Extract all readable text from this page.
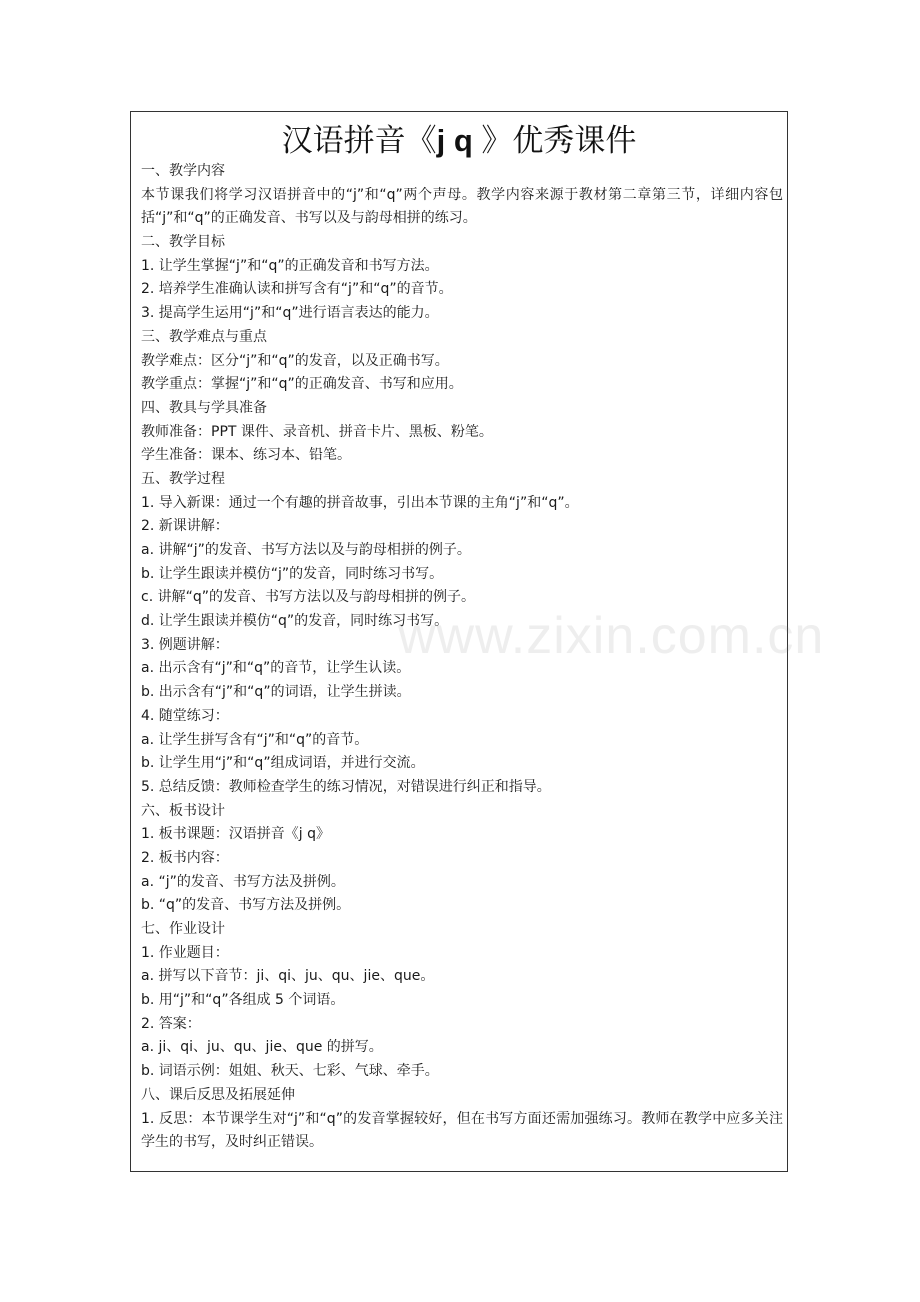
汉语拼音《j q 》优秀课件
一、教学内容
本节课我们将学习汉语拼音中的“j”和“q”两个声母。教学内容来源于教材第二章第三节，详细内容包括“j”和“q”的正确发音、书写以及与韵母相拼的练习。
二、教学目标
1. 让学生掌握“j”和“q”的正确发音和书写方法。
2. 培养学生准确认读和拼写含有“j”和“q”的音节。
3. 提高学生运用“j”和“q”进行语言表达的能力。
三、教学难点与重点
教学难点：区分“j”和“q”的发音，以及正确书写。
教学重点：掌握“j”和“q”的正确发音、书写和应用。
四、教具与学具准备
教师准备：PPT 课件、录音机、拼音卡片、黑板、粉笔。
学生准备：课本、练习本、铅笔。
五、教学过程
1. 导入新课：通过一个有趣的拼音故事，引出本节课的主角“j”和“q”。
2. 新课讲解：
a. 讲解“j”的发音、书写方法以及与韵母相拼的例子。
b. 让学生跟读并模仿“j”的发音，同时练习书写。
c. 讲解“q”的发音、书写方法以及与韵母相拼的例子。
d. 让学生跟读并模仿“q”的发音，同时练习书写。
3. 例题讲解：
a. 出示含有“j”和“q”的音节，让学生认读。
b. 出示含有“j”和“q”的词语，让学生拼读。
4. 随堂练习：
a. 让学生拼写含有“j”和“q”的音节。
b. 让学生用“j”和“q”组成词语，并进行交流。
5. 总结反馈：教师检查学生的练习情况，对错误进行纠正和指导。
六、板书设计
1. 板书课题：汉语拼音《j q》
2. 板书内容：
a. “j”的发音、书写方法及拼例。
b. “q”的发音、书写方法及拼例。
七、作业设计
1. 作业题目：
a. 拼写以下音节：ji、qi、ju、qu、jie、que。
b. 用“j”和“q”各组成 5 个词语。
2. 答案：
a. ji、qi、ju、qu、jie、que 的拼写。
b. 词语示例：姐姐、秋天、七彩、气球、牵手。
八、课后反思及拓展延伸
1. 反思：本节课学生对“j”和“q”的发音掌握较好，但在书写方面还需加强练习。教师在教学中应多关注学生的书写，及时纠正错误。
www.zixin.com.cn
